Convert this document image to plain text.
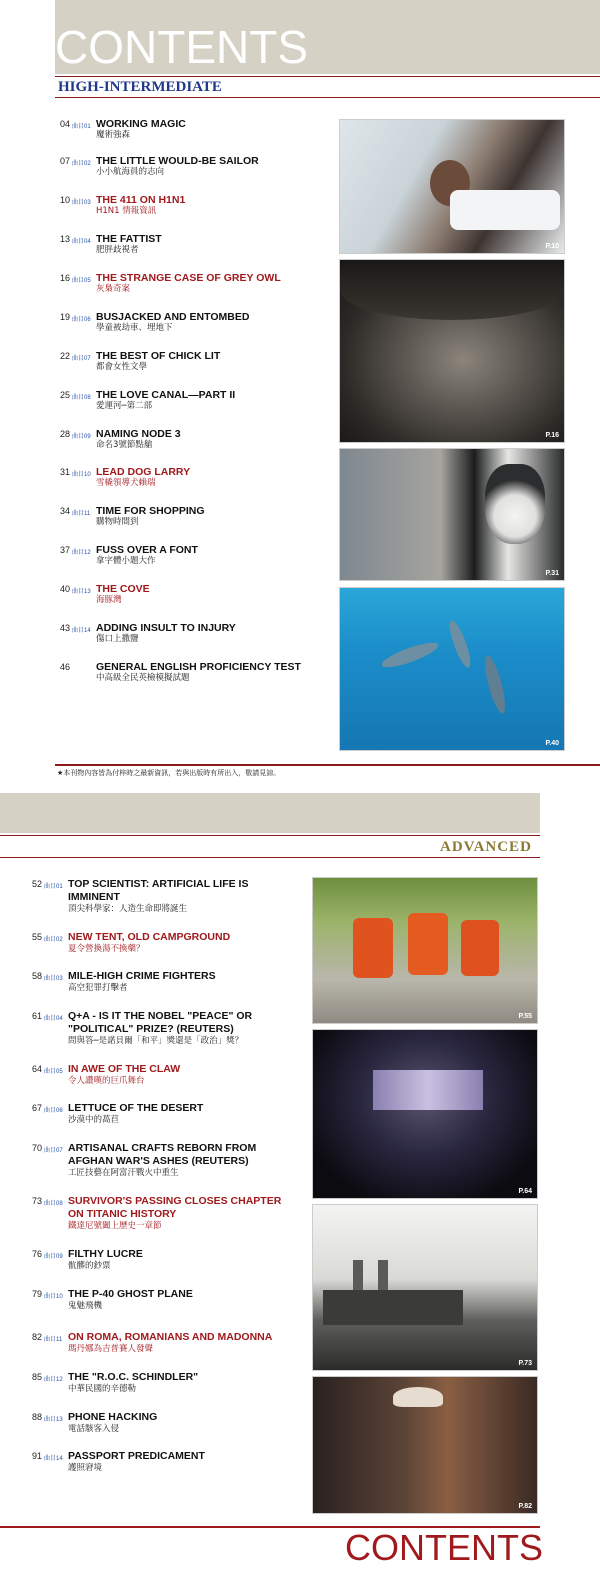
CONTENTS
HIGH-INTERMEDIATE
04 曲目01 WORKING MAGIC
魔術強森
07 曲目02 THE LITTLE WOULD-BE SAILOR
小小航海員的志向
10 曲目03 THE 411 ON H1N1
H1N1 情報資訊
13 曲目04 THE FATTIST
肥胖歧視者
16 曲目05 THE STRANGE CASE OF GREY OWL
灰梟奇案
19 曲目06 BUSJACKED AND ENTOMBED
學童被劫車、埋地下
22 曲目07 THE BEST OF CHICK LIT
都會女性文學
25 曲目08 THE LOVE CANAL—PART II
愛運河─第二部
28 曲目09 NAMING NODE 3
命名3號節點艙
31 曲目10 LEAD DOG LARRY
雪橇領導犬賴瑞
34 曲目11 TIME FOR SHOPPING
購物時間到
37 曲目12 FUSS OVER A FONT
拿字體小題大作
40 曲目13 THE COVE
海豚灣
43 曲目14 ADDING INSULT TO INJURY
傷口上撒鹽
46 GENERAL ENGLISH PROFICIENCY TEST
中高級全民英檢模擬試題
P.10
P.16
P.31
P.40
★本刊物內容皆為付梓時之最新資訊，若與出版時有所出入，敬請見諒。
ADVANCED
52 曲目01 TOP SCIENTIST: ARTIFICIAL LIFE IS
IMMINENT
頂尖科學家：人造生命即將誕生
55 曲目02 NEW TENT, OLD CAMPGROUND
夏令營換湯不換藥？
58 曲目03 MILE-HIGH CRIME FIGHTERS
高空犯罪打擊者
61 曲目04 Q+A - IS IT THE NOBEL "PEACE" OR
"POLITICAL" PRIZE? (REUTERS)
問與答─是諾貝爾「和平」獎還是「政治」獎？
64 曲目05 IN AWE OF THE CLAW
令人讚嘆的巨爪舞台
67 曲目06 LETTUCE OF THE DESERT
沙漠中的萵苣
70 曲目07 ARTISANAL CRAFTS REBORN FROM
AFGHAN WAR'S ASHES (REUTERS)
工匠技藝在阿富汗戰火中重生
73 曲目08 SURVIVOR'S PASSING CLOSES CHAPTER
ON TITANIC HISTORY
鐵達尼號闔上歷史一章節
76 曲目09 FILTHY LUCRE
骯髒的鈔票
79 曲目10 THE P-40 GHOST PLANE
鬼魅飛機
82 曲目11 ON ROMA, ROMANIANS AND MADONNA
瑪丹娜為吉普賽人發聲
85 曲目12 THE "R.O.C. SCHINDLER"
中華民國的辛德勒
88 曲目13 PHONE HACKING
電話駭客入侵
91 曲目14 PASSPORT PREDICAMENT
護照窘境
P.55
P.64
P.73
P.82
CONTENTS
